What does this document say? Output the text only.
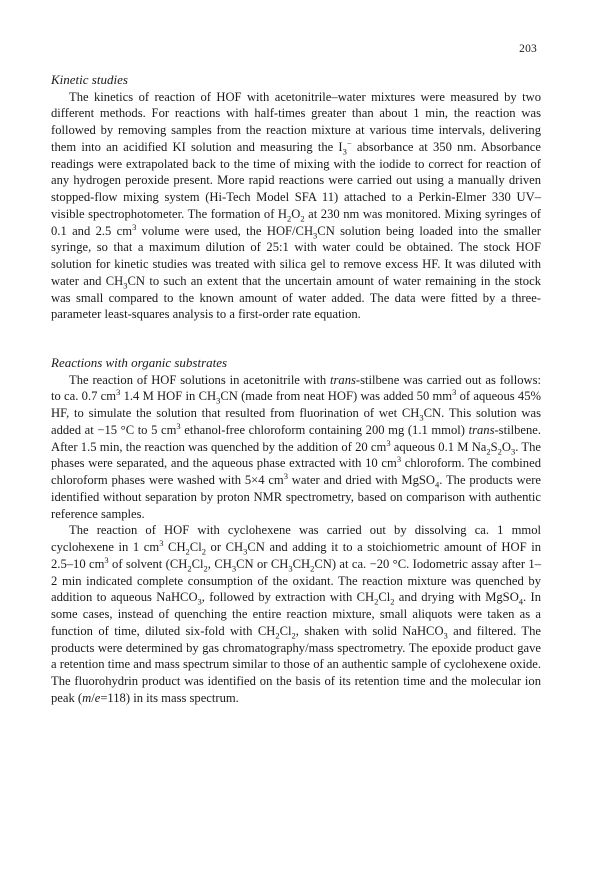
203

Kinetic studies

The kinetics of reaction of HOF with acetonitrile–water mixtures were measured by two different methods. For reactions with half-times greater than about 1 min, the reaction was followed by removing samples from the reaction mixture at various time intervals, delivering them into an acidified KI solution and measuring the $I_3^-$ absorbance at 350 nm. Absorbance readings were extrapolated back to the time of mixing with the iodide to correct for reaction of any hydrogen peroxide present. More rapid reactions were carried out using a manually driven stopped-flow mixing system (Hi-Tech Model SFA 11) attached to a Perkin-Elmer 330 UV–visible spectrophotometer. The formation of $H_2O_2$ at 230 nm was monitored. Mixing syringes of 0.1 and 2.5 $cm^3$ volume were used, the HOF/$CH_3CN$ solution being loaded into the smaller syringe, so that a maximum dilution of 25:1 with water could be obtained. The stock HOF solution for kinetic studies was treated with silica gel to remove excess HF. It was diluted with water and $CH_3CN$ to such an extent that the uncertain amount of water remaining in the stock was small compared to the known amount of water added. The data were fitted by a three-parameter least-squares analysis to a first-order rate equation.

Reactions with organic substrates

The reaction of HOF solutions in acetonitrile with trans-stilbene was carried out as follows: to ca. 0.7 $cm^3$ 1.4 M HOF in $CH_3CN$ (made from neat HOF) was added 50 $mm^3$ of aqueous 45% HF, to simulate the solution that resulted from fluorination of wet $CH_3CN$. This solution was added at −15 °C to 5 $cm^3$ ethanol-free chloroform containing 200 mg (1.1 mmol) trans-stilbene. After 1.5 min, the reaction was quenched by the addition of 20 $cm^3$ aqueous 0.1 M $Na_2S_2O_3$. The phases were separated, and the aqueous phase extracted with 10 $cm^3$ chloroform. The combined chloroform phases were washed with 5×4 $cm^3$ water and dried with MgSO$_4$. The products were identified without separation by proton NMR spectrometry, based on comparison with authentic reference samples.

The reaction of HOF with cyclohexene was carried out by dissolving ca. 1 mmol cyclohexene in 1 $cm^3$ $CH_2Cl_2$ or $CH_3CN$ and adding it to a stoichiometric amount of HOF in 2.5–10 $cm^3$ of solvent ($CH_2Cl_2$, $CH_3CN$ or $CH_3CH_2CN$) at ca. −20 °C. Iodometric assay after 1–2 min indicated complete consumption of the oxidant. The reaction mixture was quenched by addition to aqueous NaHCO$_3$, followed by extraction with $CH_2Cl_2$ and drying with MgSO$_4$. In some cases, instead of quenching the entire reaction mixture, small aliquots were taken as a function of time, diluted six-fold with $CH_2Cl_2$, shaken with solid NaHCO$_3$ and filtered. The products were determined by gas chromatography/mass spectrometry. The epoxide product gave a retention time and mass spectrum similar to those of an authentic sample of cyclohexene oxide. The fluorohydrin product was identified on the basis of its retention time and the molecular ion peak (m/e=118) in its mass spectrum.
